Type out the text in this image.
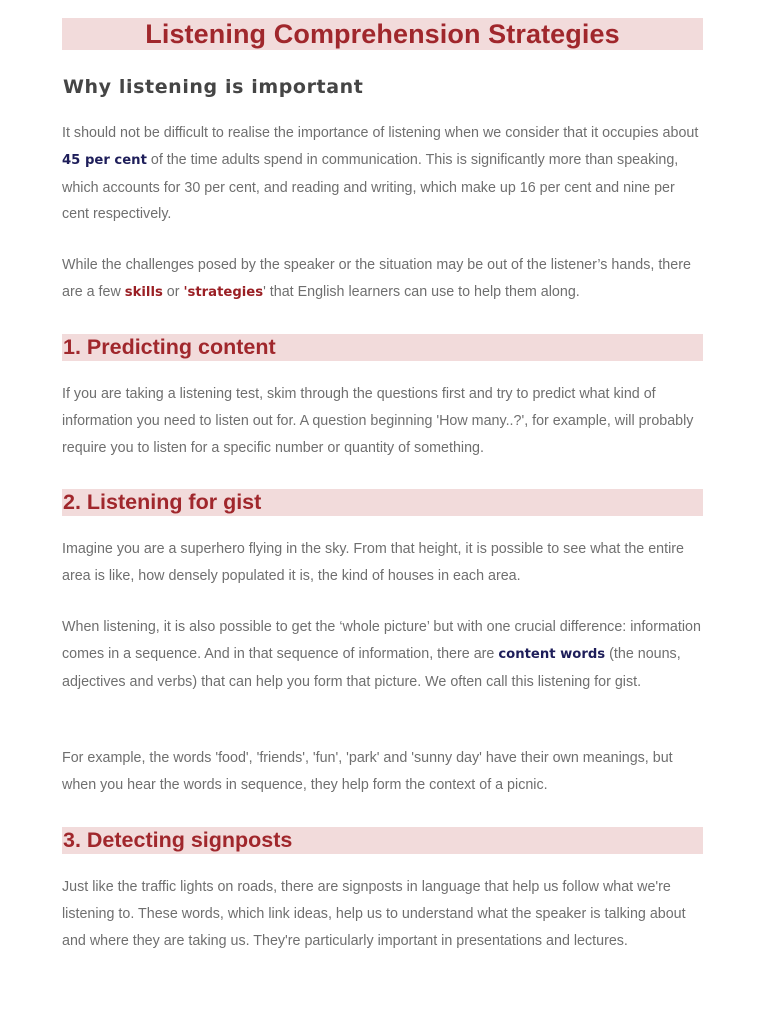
Listening Comprehension Strategies
Why listening is important

It should not be difficult to realise the importance of listening when we consider that it occupies about 45 per cent of the time adults spend in communication. This is significantly more than speaking, which accounts for 30 per cent, and reading and writing, which make up 16 per cent and nine per cent respectively.

While the challenges posed by the speaker or the situation may be out of the listener’s hands, there are a few skills or 'strategies' that English learners can use to help them along.

1. Predicting content

If you are taking a listening test, skim through the questions first and try to predict what kind of information you need to listen out for. A question beginning 'How many..?', for example, will probably require you to listen for a specific number or quantity of something.

2. Listening for gist

Imagine you are a superhero flying in the sky. From that height, it is possible to see what the entire area is like, how densely populated it is, the kind of houses in each area.

When listening, it is also possible to get the ‘whole picture’ but with one crucial difference: information comes in a sequence. And in that sequence of information, there are content words (the nouns, adjectives and verbs) that can help you form that picture. We often call this listening for gist.

For example, the words 'food', 'friends', 'fun', 'park' and 'sunny day' have their own meanings, but when you hear the words in sequence, they help form the context of a picnic.

3. Detecting signposts

Just like the traffic lights on roads, there are signposts in language that help us follow what we're listening to. These words, which link ideas, help us to understand what the speaker is talking about and where they are taking us. They're particularly important in presentations and lectures.
